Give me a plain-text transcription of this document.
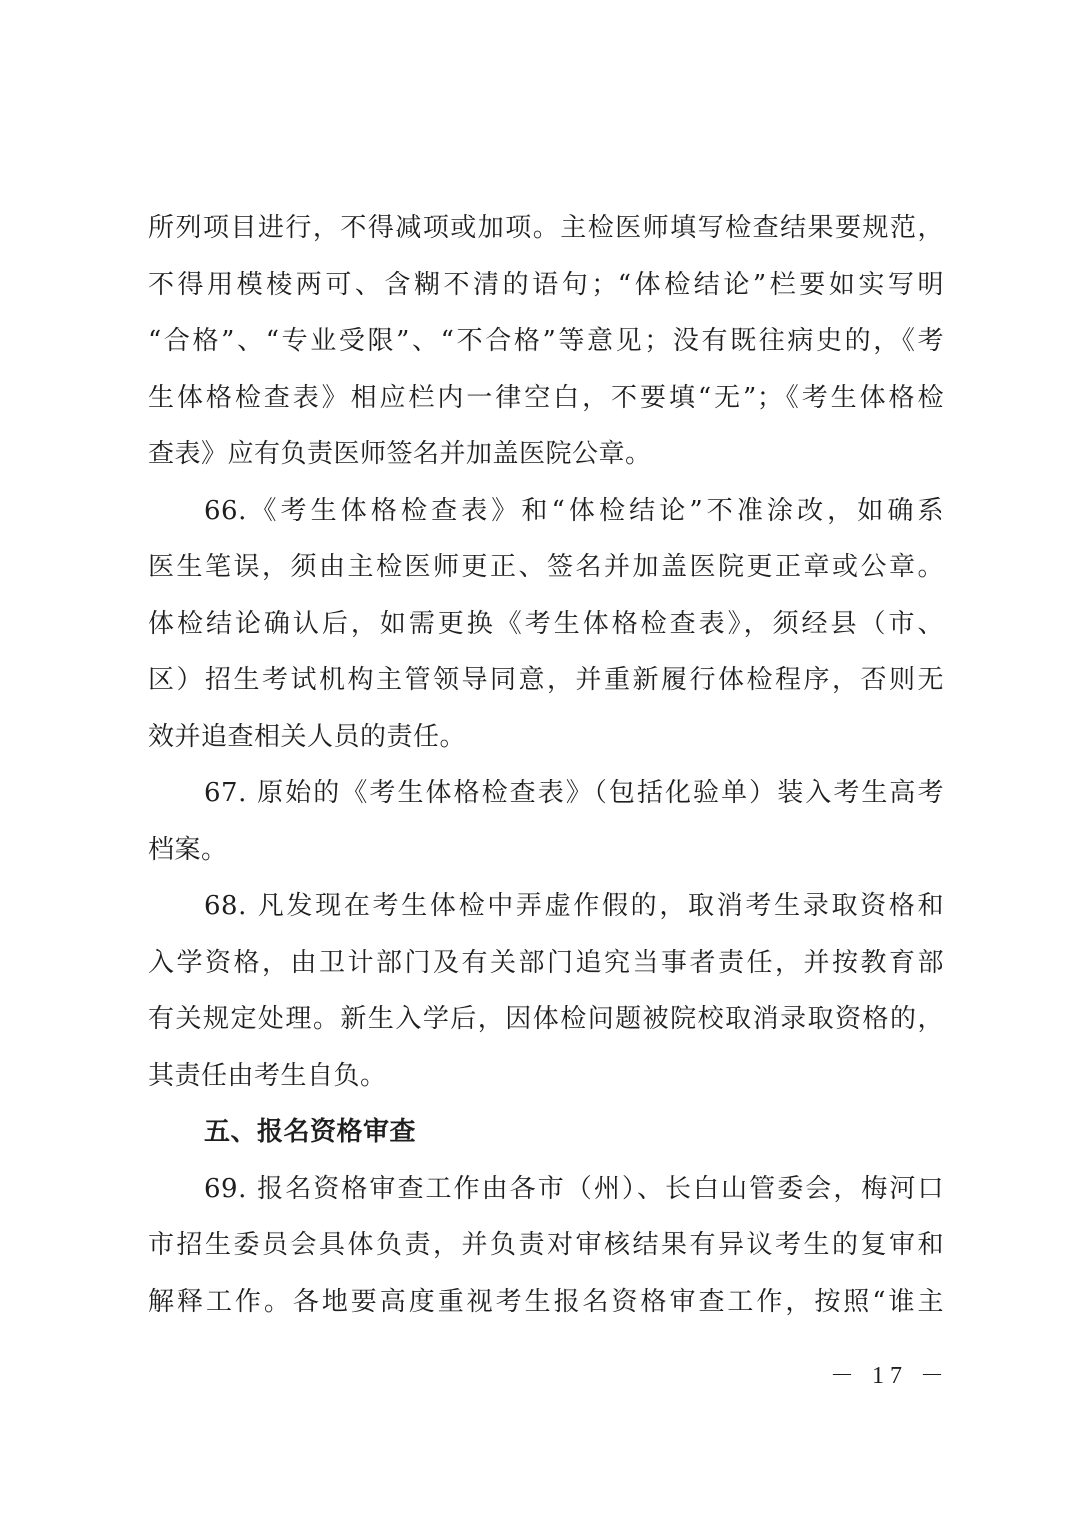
所列项目进行，不得减项或加项。主检医师填写检查结果要规范，
不得用模棱两可、含糊不清的语句；“体检结论”栏要如实写明
“合格”、“专业受限”、“不合格”等意见；没有既往病史的，《考
生体格检查表》相应栏内一律空白，不要填“无”；《考生体格检
查表》应有负责医师签名并加盖医院公章。
66.《考生体格检查表》和“体检结论”不准涂改，如确系
医生笔误，须由主检医师更正、签名并加盖医院更正章或公章。
体检结论确认后，如需更换《考生体格检查表》，须经县（市、
区）招生考试机构主管领导同意，并重新履行体检程序，否则无
效并追查相关人员的责任。
67. 原始的《考生体格检查表》（包括化验单）装入考生高考
档案。
68. 凡发现在考生体检中弄虚作假的，取消考生录取资格和
入学资格，由卫计部门及有关部门追究当事者责任，并按教育部
有关规定处理。新生入学后，因体检问题被院校取消录取资格的，
其责任由考生自负。
五、报名资格审查
69. 报名资格审查工作由各市（州）、长白山管委会，梅河口
市招生委员会具体负责，并负责对审核结果有异议考生的复审和
解释工作。各地要高度重视考生报名资格审查工作，按照“谁主
－ 17 －
